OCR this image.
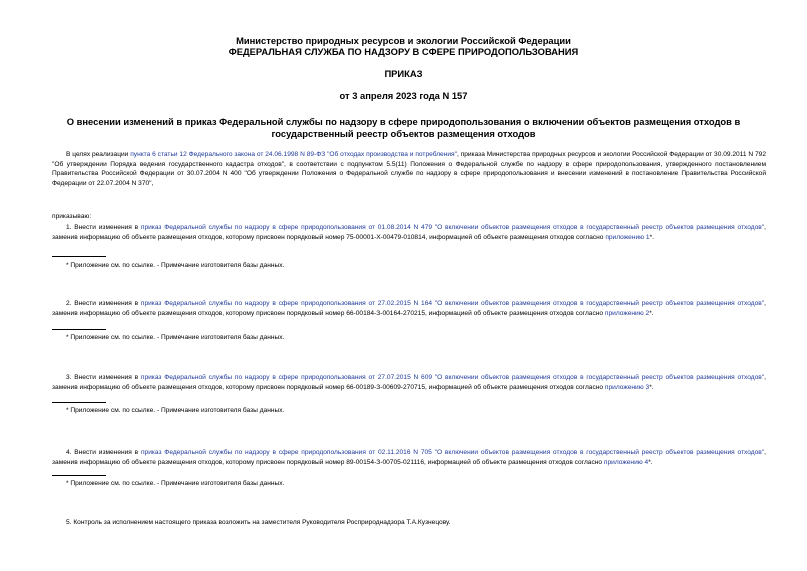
Министерство природных ресурсов и экологии Российской Федерации
ФЕДЕРАЛЬНАЯ СЛУЖБА ПО НАДЗОРУ В СФЕРЕ ПРИРОДОПОЛЬЗОВАНИЯ
ПРИКАЗ
от 3 апреля 2023 года N 157
О внесении изменений в приказ Федеральной службы по надзору в сфере природопользования о включении объектов размещения отходов в государственный реестр объектов размещения отходов

В целях реализации пункта 6 статьи 12 Федерального закона от 24.06.1998 N 89-ФЗ "Об отходах производства и потребления", приказа Министерства природных ресурсов и экологии Российской Федерации от 30.09.2011 N 792 "Об утверждении Порядка ведения государственного кадастра отходов", в соответствии с подпунктом 5.5(11) Положения о Федеральной службе по надзору в сфере природопользования, утвержденного постановлением Правительства Российской Федерации от 30.07.2004 N 400 "Об утверждении Положения о Федеральной службе по надзору в сфере природопользования и внесении изменений в постановление Правительства Российской Федерации от 22.07.2004 N 370",

приказываю:

1. Внести изменения в приказ Федеральной службы по надзору в сфере природопользования от 01.08.2014 N 479 "О включении объектов размещения отходов в государственный реестр объектов размещения отходов", заменив информацию об объекте размещения отходов, которому присвоен порядковый номер 75-00001-Х-00479-010814, информацией об объекте размещения отходов согласно приложению 1*.

* Приложение см. по ссылке. - Примечание изготовителя базы данных.

2. Внести изменения в приказ Федеральной службы по надзору в сфере природопользования от 27.02.2015 N 164 "О включении объектов размещения отходов в государственный реестр объектов размещения отходов", заменив информацию об объекте размещения отходов, которому присвоен порядковый номер 66-00184-З-00164-270215, информацией об объекте размещения отходов согласно приложению 2*.

* Приложение см. по ссылке. - Примечание изготовителя базы данных.

3. Внести изменения в приказ Федеральной службы по надзору в сфере природопользования от 27.07.2015 N 609 "О включении объектов размещения отходов в государственный реестр объектов размещения отходов", заменив информацию об объекте размещения отходов, которому присвоен порядковый номер 66-00189-З-00609-270715, информацией об объекте размещения отходов согласно приложению 3*.

* Приложение см. по ссылке. - Примечание изготовителя базы данных.

4. Внести изменения в приказ Федеральной службы по надзору в сфере природопользования от 02.11.2016 N 705 "О включении объектов размещения отходов в государственный реестр объектов размещения отходов", заменив информацию об объекте размещения отходов, которому присвоен порядковый номер 89-00154-З-00705-021116, информацией об объекте размещения отходов согласно приложению 4*.

* Приложение см. по ссылке. - Примечание изготовителя базы данных.

5. Контроль за исполнением настоящего приказа возложить на заместителя Руководителя Росприроднадзора Т.А.Кузнецову.
